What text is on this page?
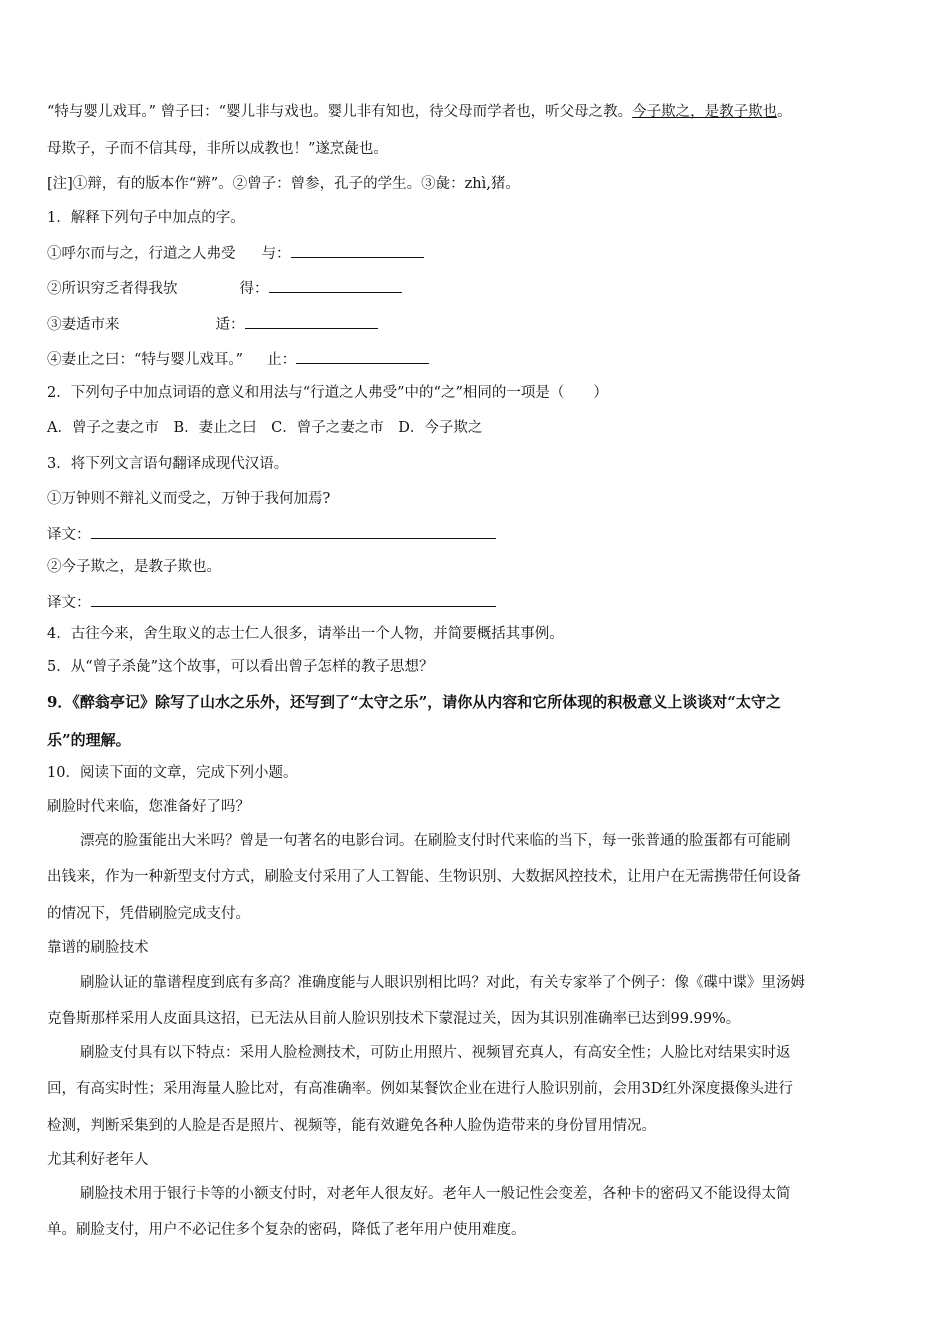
“特与婴儿戏耳。” 曾子曰：“婴儿非与戏也。婴儿非有知也，待父母而学者也，听父母之教。今子欺之，是教子欺也。
母欺子，子而不信其母，非所以成教也！”遂烹彘也。
[注]①辩，有的版本作“辨”。②曾子：曾参，孔子的学生。③彘：zhì,猪。
1．解释下列句子中加点的字。
①呼尔而与之，行道之人弗受 与：
②所识穷乏者得我欤	得：
③妻适市来	适：
④妻止之曰：“特与婴儿戏耳。” 止：
2．下列句子中加点词语的意义和用法与“行道之人弗受”中的“之”相同的一项是（　　）
A．曾子之妻之市　B．妻止之曰　C．曾子之妻之市　D．今子欺之
3．将下列文言语句翻译成现代汉语。
①万钟则不辩礼义而受之，万钟于我何加焉?
译文：
②今子欺之，是教子欺也。
译文：
4．古往今来，舍生取义的志士仁人很多，请举出一个人物，并简要概括其事例。
5．从“曾子杀彘”这个故事，可以看出曾子怎样的教子思想？
9．《醉翁亭记》除写了山水之乐外，还写到了“太守之乐”，请你从内容和它所体现的积极意义上谈谈对“太守之
乐”的理解。
10．阅读下面的文章，完成下列小题。
刷脸时代来临，您准备好了吗？
漂亮的脸蛋能出大米吗？曾是一句著名的电影台词。在刷脸支付时代来临的当下，每一张普通的脸蛋都有可能刷
出钱来，作为一种新型支付方式，刷脸支付采用了人工智能、生物识别、大数据风控技术，让用户在无需携带任何设备
的情况下，凭借刷脸完成支付。
靠谱的刷脸技术
刷脸认证的靠谱程度到底有多高？准确度能与人眼识别相比吗？对此，有关专家举了个例子：像《碟中谍》里汤姆
克鲁斯那样采用人皮面具这招，已无法从目前人脸识别技术下蒙混过关，因为其识别准确率已达到99.99%。
刷脸支付具有以下特点：采用人脸检测技术，可防止用照片、视频冒充真人，有高安全性；人脸比对结果实时返
回，有高实时性；采用海量人脸比对，有高准确率。例如某餐饮企业在进行人脸识别前，会用3D红外深度摄像头进行
检测，判断采集到的人脸是否是照片、视频等，能有效避免各种人脸伪造带来的身份冒用情况。
尤其利好老年人
刷脸技术用于银行卡等的小额支付时，对老年人很友好。老年人一般记性会变差，各种卡的密码又不能设得太简
单。刷脸支付，用户不必记住多个复杂的密码，降低了老年用户使用难度。
